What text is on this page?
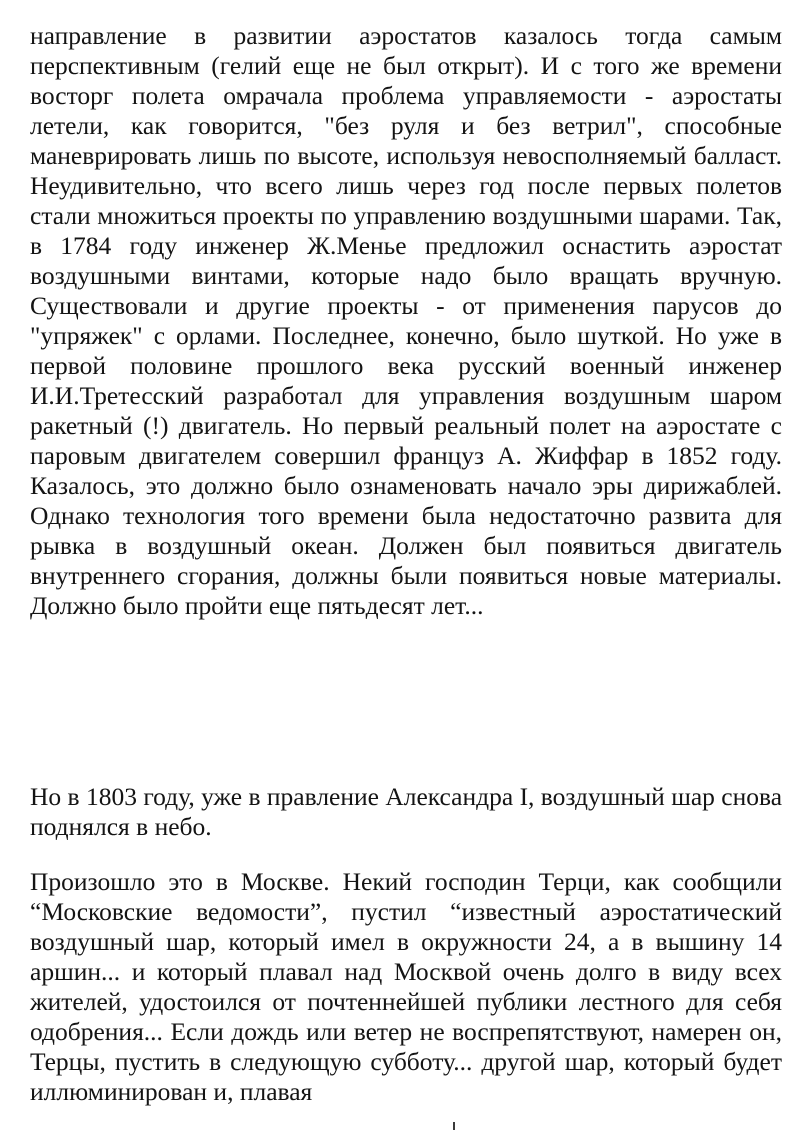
направление в развитии аэростатов казалось тогда самым перспективным (гелий еще не был открыт). И с того же времени восторг полета омрачала проблема управляемости - аэростаты летели, как говорится, "без руля и без ветрил", способные маневрировать лишь по высоте, используя невосполняемый балласт. Неудивительно, что всего лишь через год после первых полетов стали множиться проекты по управлению воздушными шарами. Так, в 1784 году инженер Ж.Менье предложил оснастить аэростат воздушными винтами, которые надо было вращать вручную. Существовали и другие проекты - от применения парусов до "упряжек" с орлами. Последнее, конечно, было шуткой. Но уже в первой половине прошлого века русский военный инженер И.И.Третесский разработал для управления воздушным шаром ракетный (!) двигатель. Но первый реальный полет на аэростате с паровым двигателем совершил француз А. Жиффар в 1852 году. Казалось, это должно было ознаменовать начало эры дирижаблей. Однако технология того времени была недостаточно развита для рывка в воздушный океан. Должен был появиться двигатель внутреннего сгорания, должны были появиться новые материалы. Должно было пройти еще пятьдесят лет...

Но в 1803 году, уже в правление Александра I, воздушный шар снова поднялся в небо.

Произошло это в Москве. Некий господин Терци, как сообщили “Московские ведомости”, пустил “известный аэростатический воздушный шар, который имел в окружности 24, а в вышину 14 аршин... и который плавал над Москвой очень долго в виду всех жителей, удостоился от почтеннейшей публики лестного для себя одобрения... Если дождь или ветер не воспрепятствуют, намерен он, Терцы, пустить в следующую субботу... другой шар, который будет иллюминирован и, плавая
